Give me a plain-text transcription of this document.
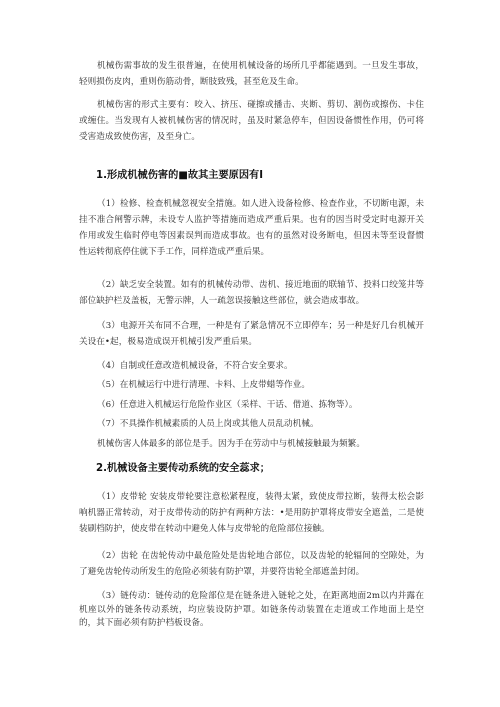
机械伤需事故的发生很普遍，在使用机械设备的场所几乎都能遇到。一旦发生事故，轻则损伤皮肉，重则伤筋动骨，断肢致残，甚至危及生命。

机械伤害的形式主要有：咬入、挤压、碰擦或播击、夹断、剪切、割伤或擦伤、卡住或缠住。当发现有人被机械伤害的情况时，虽及时紧急停车，但因设备惯性作用，仍可将受害造成致使伤害，及至身亡。

1.形成机械伤害的■故其主要原因有I

（1）检修、检查机械忽视安全措施。如人进入设备检修、检查作业，不切断电源，未挂不准合闸警示牌，未设专人监护等措施而造成严重后果。也有的因当时受定时电源开关作用或发生临时停电等因素误判而造成事故。也有的虽然对设务断电，但因未等至设督惯性运转彻底停住就下手工作，同样造成严重后果。

（2）缺乏安全装置。如有的机械传动带、齿机、接近地面的联轴节、投料口绞笼井等部位缺护栏及盖板，无警示牌，人一疏忽误接触这些部位，就会造成事故。

（3）电源开关布同不合理，一种是有了紧急情况不立即停车；另一种是好几台机械开关设在•起，极易造成误开机械引发严重后果。

（4）自制或任意改造机械设备，不符合安全要求。

（5）在机械运行中进行清理、卡料、上皮带蜡等作业。

（6）任意进入机械运行危险作业区（采样、干话、借道、拣物等）。

（7）不具操作机械素质的人员上岗或其他人员乱动机械。

机械伤害人体最多的部位是手。因为手在劳动中与机械接触最为频繁。

2.机械设备主要传动系统的安全蕊求；

（1）皮带轮 安装皮带轮要注意松紧程度，装得太紧，致使皮带拉断，装得太松会影响机器正常转动，对于皮带传动的防护有两种方法：•是用防护罩将皮带安全遮盖，二是使装刷档防护，使皮带在转动中避免人体与皮带轮的危险部位接触。

（2）齿轮 在齿轮传动中最危险处是齿轮地合部位，以及齿轮的轮辐间的空隙处，为了避免齿轮传动所发生的危险必须装有防护罩，并要符齿轮全部遮盖封闭。

（3）链传动：链传动的危险部位是在链条进入链轮之处，在距离地面2m以内并露在机座以外的链条传动系统，均应装设防护罩。如链条传动装置在走道或工作地面上是空的，其下面必须有防护档板设备。
